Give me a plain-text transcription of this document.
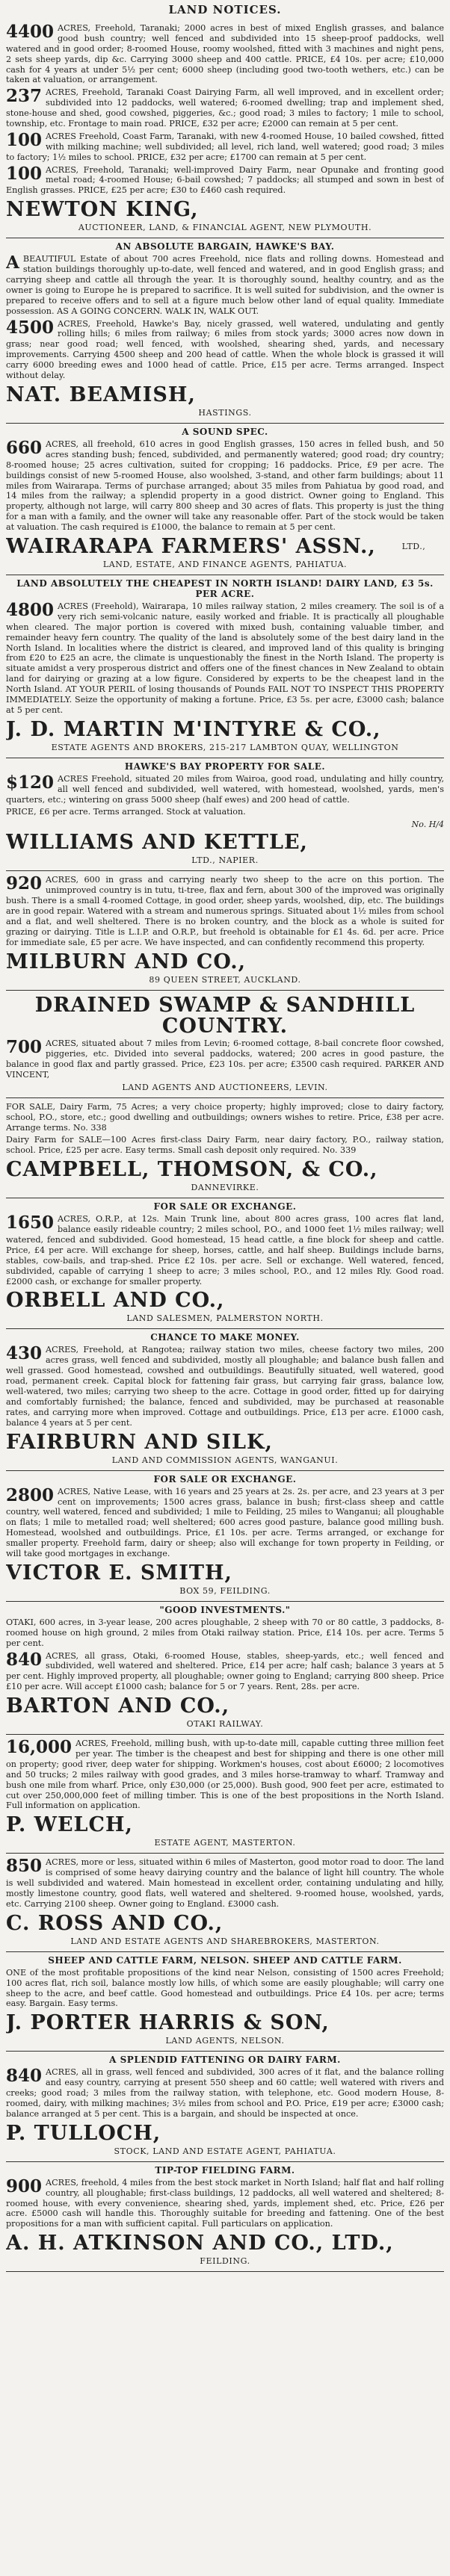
LAND NOTICES.
4400 ACRES, Freehold, Taranaki; 2000 acres in best of mixed English grasses, and balance good bush country; well fenced and subdivided into 15 sheep-proof paddocks, well watered and in good order; 8-roomed House, roomy woolshed, fitted with 3 machines and night pens, 2 sets sheep yards, dip &c. Carrying 3000 sheep and 400 cattle. PRICE, £4 10s. per acre; £10,000 cash for 4 years at under 5½ per cent; 6000 sheep (including good two-tooth wethers, etc.) can be taken at valuation, or arrangement.
237 ACRES, Freehold, Taranaki Coast Dairying Farm, all well improved, and in excellent order; subdivided into 12 paddocks, well watered; 6-roomed dwelling; trap and implement shed, stone-house and shed, good cowshed, piggeries, &c.; good road; 3 miles to factory; 1 mile to school, township, etc. Frontage to main road. PRICE, £32 per acre; £2000 can remain at 5 per cent.
100 ACRES Freehold, Coast Farm, Taranaki, with new 4-roomed House, 10 bailed cowshed, fitted with milking machine; well subdivided; all level, rich land, well watered; good road; 3 miles to factory; 1½ miles to school. PRICE, £32 per acre; £1700 can remain at 5 per cent.
100 ACRES, Freehold, Taranaki; well-improved Dairy Farm, near Opunake and fronting good metal road; 4-roomed House; 6-bail cowshed; 7 paddocks; all stumped and sown in best of English grasses. PRICE, £25 per acre; £30 to £460 cash required.
NEWTON KING,
AUCTIONEER, LAND, & FINANCIAL AGENT, NEW PLYMOUTH.
AN ABSOLUTE BARGAIN, HAWKE'S BAY.
ABEAUTIFUL Estate of about 700 acres Freehold, nice flats and rolling downs. Homestead and station buildings thoroughly up-to-date, well fenced and watered, and in good English grass; and carrying sheep and cattle all through the year. It is thoroughly sound, healthy country, and as the owner is going to Europe he is prepared to sacrifice. It is well suited for subdivision, and the owner is prepared to receive offers and to sell at a figure much below other land of equal quality. Immediate possession. AS A GOING CONCERN. WALK IN, WALK OUT.
4500 ACRES, Freehold, Hawke's Bay, nicely grassed, well watered, undulating and gently rolling hills; 6 miles from railway; 6 miles from stock yards; 3000 acres now down in grass; near good road; well fenced, with woolshed, shearing shed, yards, and necessary improvements. Carrying 4500 sheep and 200 head of cattle. When the whole block is grassed it will carry 6000 breeding ewes and 1000 head of cattle. Price, £15 per acre. Terms arranged. Inspect without delay.
NAT. BEAMISH,
HASTINGS.
A SOUND SPEC.
660 ACRES, all freehold, 610 acres in good English grasses, 150 acres in felled bush, and 50 acres standing bush; fenced, subdivided, and permanently watered; good road; dry country; 8-roomed house; 25 acres cultivation, suited for cropping; 16 paddocks. Price, £9 per acre. The buildings consist of new 5-roomed House, also woolshed, 3-stand, and other farm buildings; about 11 miles from Wairarapa. Terms of purchase arranged; about 35 miles from Pahiatua by good road, and 14 miles from the railway; a splendid property in a good district. Owner going to England. This property, although not large, will carry 800 sheep and 30 acres of flats. This property is just the thing for a man with a family, and the owner will take any reasonable offer. Part of the stock would be taken at valuation. The cash required is £1000, the balance to remain at 5 per cent.
WAIRARAPA FARMERS' ASSN.,	LTD.,
LAND, ESTATE, AND FINANCE AGENTS, PAHIATUA.
LAND ABSOLUTELY THE CHEAPEST IN NORTH ISLAND! DAIRY LAND, £3 5s. PER ACRE.
4800 ACRES (Freehold), Wairarapa, 10 miles railway station, 2 miles creamery. The soil is of a very rich semi-volcanic nature, easily worked and friable. It is practically all ploughable when cleared. The major portion is covered with mixed bush, containing valuable timber, and remainder heavy fern country. The quality of the land is absolutely some of the best dairy land in the North Island. In localities where the district is cleared, and improved land of this quality is bringing from £20 to £25 an acre, the climate is unquestionably the finest in the North Island. The property is situate amidst a very prosperous district and offers one of the finest chances in New Zealand to obtain land for dairying or grazing at a low figure. Considered by experts to be the cheapest land in the North Island. AT YOUR PERIL of losing thousands of Pounds FAIL NOT TO INSPECT THIS PROPERTY IMMEDIATELY. Seize the opportunity of making a fortune. Price, £3 5s. per acre, £3000 cash; balance at 5 per cent.
J. D. MARTIN M'INTYRE & CO.,
ESTATE AGENTS AND BROKERS, 215-217 LAMBTON QUAY, WELLINGTON
HAWKE'S BAY PROPERTY FOR SALE.
$120 ACRES Freehold, situated 20 miles from Wairoa, good road, undulating and hilly country, all well fenced and subdivided, well watered, with homestead, woolshed, yards, men's quarters, etc.; wintering on grass 5000 sheep (half ewes) and 200 head of cattle.
PRICE, £6 per acre. Terms arranged. Stock at valuation.
No. H/4
WILLIAMS AND KETTLE,
LTD., NAPIER.
920 ACRES, 600 in grass and carrying nearly two sheep to the acre on this portion. The unimproved country is in tutu, ti-tree, flax and fern, about 300 of the improved was originally bush. There is a small 4-roomed Cottage, in good order, sheep yards, woolshed, dip, etc. The buildings are in good repair. Watered with a stream and numerous springs. Situated about 1½ miles from school and a flat, and well sheltered. There is no broken country, and the block as a whole is suited for grazing or dairying. Title is L.I.P. and O.R.P., but freehold is obtainable for £1 4s. 6d. per acre. Price for immediate sale, £5 per acre. We have inspected, and can confidently recommend this property.
MILBURN AND CO.,
89 QUEEN STREET, AUCKLAND.
DRAINED SWAMP & SANDHILL COUNTRY.
700 ACRES, situated about 7 miles from Levin; 6-roomed cottage, 8-bail concrete floor cowshed, piggeries, etc. Divided into several paddocks, watered; 200 acres in good pasture, the balance in good flax and partly grassed. Price, £23 10s. per acre; £3500 cash required. PARKER AND VINCENT,
LAND AGENTS AND AUCTIONEERS, LEVIN.
FOR SALE, Dairy Farm, 75 Acres; a very choice property; highly improved; close to dairy factory, school, P.O., store, etc.; good dwelling and outbuildings; owners wishes to retire. Price, £38 per acre. Arrange terms. No. 338
Dairy Farm for SALE—100 Acres first-class Dairy Farm, near dairy factory, P.O., railway station, school. Price, £25 per acre. Easy terms. Small cash deposit only required. No. 339
CAMPBELL, THOMSON, & CO.,
DANNEVIRKE.
FOR SALE OR EXCHANGE.
1650 ACRES, O.R.P., at 12s. Main Trunk line, about 800 acres grass, 100 acres flat land, balance easily rideable country; 2 miles school, P.O., and 1000 feet 1½ miles railway; well watered, fenced and subdivided. Good homestead, 15 head cattle, a fine block for sheep and cattle. Price, £4 per acre. Will exchange for sheep, horses, cattle, and half sheep. Buildings include barns, stables, cow-bails, and trap-shed. Price £2 10s. per acre. Sell or exchange. Well watered, fenced, subdivided, capable of carrying 1 sheep to acre; 3 miles school, P.O., and 12 miles Rly. Good road. £2000 cash, or exchange for smaller property.
ORBELL AND CO.,
LAND SALESMEN, PALMERSTON NORTH.
CHANCE TO MAKE MONEY.
430 ACRES, Freehold, at Rangotea; railway station two miles, cheese factory two miles, 200 acres grass, well fenced and subdivided, mostly all ploughable; and balance bush fallen and well grassed. Good homestead, cowshed and outbuildings. Beautifully situated, well watered, good road, permanent creek. Capital block for fattening fair grass, but carrying fair grass, balance low, well-watered, two miles; carrying two sheep to the acre. Cottage in good order, fitted up for dairying and comfortably furnished; the balance, fenced and subdivided, may be purchased at reasonable rates, and carrying more when improved. Cottage and outbuildings. Price, £13 per acre. £1000 cash, balance 4 years at 5 per cent.
FAIRBURN AND SILK,
LAND AND COMMISSION AGENTS, WANGANUI.
FOR SALE OR EXCHANGE.
2800 ACRES, Native Lease, with 16 years and 25 years at 2s. 2s. per acre, and 23 years at 3 per cent on improvements; 1500 acres grass, balance in bush; first-class sheep and cattle country, well watered, fenced and subdivided; 1 mile to Feilding, 25 miles to Wanganui; all ploughable on flats; 1 mile to metalled road; well sheltered; 600 acres good pasture, balance good milling bush. Homestead, woolshed and outbuildings. Price, £1 10s. per acre. Terms arranged, or exchange for smaller property. Freehold farm, dairy or sheep; also will exchange for town property in Feilding, or will take good mortgages in exchange.
VICTOR E. SMITH,
BOX 59, FEILDING.
"GOOD INVESTMENTS."
OTAKI, 600 acres, in 3-year lease, 200 acres ploughable, 2 sheep with 70 or 80 cattle, 3 paddocks, 8-roomed house on high ground, 2 miles from Otaki railway station. Price, £14 10s. per acre. Terms 5 per cent.
840 ACRES, all grass, Otaki, 6-roomed House, stables, sheep-yards, etc.; well fenced and subdivided, well watered and sheltered. Price, £14 per acre; half cash; balance 3 years at 5 per cent. Highly improved property, all ploughable; owner going to England; carrying 800 sheep. Price £10 per acre. Will accept £1000 cash; balance for 5 or 7 years. Rent, 28s. per acre.
BARTON AND CO.,
OTAKI RAILWAY.
16,000 ACRES, Freehold, milling bush, with up-to-date mill, capable cutting three million feet per year. The timber is the cheapest and best for shipping and there is one other mill on property; good river, deep water for shipping. Workmen's houses, cost about £6000; 2 locomotives and 50 trucks; 2 miles railway with good grades, and 3 miles horse-tramway to wharf. Tramway and bush one mile from wharf. Price, only £30,000 (or 25,000). Bush good, 900 feet per acre, estimated to cut over 250,000,000 feet of milling timber. This is one of the best propositions in the North Island. Full information on application.
P. WELCH,
ESTATE AGENT, MASTERTON.
850 ACRES, more or less, situated within 6 miles of Masterton, good motor road to door. The land is comprised of some heavy dairying country and the balance of light hill country. The whole is well subdivided and watered. Main homestead in excellent order, containing undulating and hilly, mostly limestone country, good flats, well watered and sheltered. 9-roomed house, woolshed, yards, etc. Carrying 2100 sheep. Owner going to England. £3000 cash.
C. ROSS AND CO.,
LAND AND ESTATE AGENTS AND SHAREBROKERS, MASTERTON.
SHEEP AND CATTLE FARM, NELSON. SHEEP AND CATTLE FARM.
ONE of the most profitable propositions of the kind near Nelson, consisting of 1500 acres Freehold; 100 acres flat, rich soil, balance mostly low hills, of which some are easily ploughable; will carry one sheep to the acre, and beef cattle. Good homestead and outbuildings. Price £4 10s. per acre; terms easy. Bargain. Easy terms.
J. PORTER HARRIS & SON,
LAND AGENTS, NELSON.
A SPLENDID FATTENING OR DAIRY FARM.
840 ACRES, all in grass, well fenced and subdivided, 300 acres of it flat, and the balance rolling and easy country, carrying at present 550 sheep and 60 cattle; well watered with rivers and creeks; good road; 3 miles from the railway station, with telephone, etc. Good modern House, 8-roomed, dairy, with milking machines; 3½ miles from school and P.O. Price, £19 per acre; £3000 cash; balance arranged at 5 per cent. This is a bargain, and should be inspected at once.
P. TULLOCH,
STOCK, LAND AND ESTATE AGENT, PAHIATUA.
TIP-TOP FIELDING FARM.
900 ACRES, freehold, 4 miles from the best stock market in North Island; half flat and half rolling country, all ploughable; first-class buildings, 12 paddocks, all well watered and sheltered; 8-roomed house, with every convenience, shearing shed, yards, implement shed, etc. Price, £26 per acre. £5000 cash will handle this. Thoroughly suitable for breeding and fattening. One of the best propositions for a man with sufficient capital. Full particulars on application.
A. H. ATKINSON AND CO., LTD.,
FEILDING.
